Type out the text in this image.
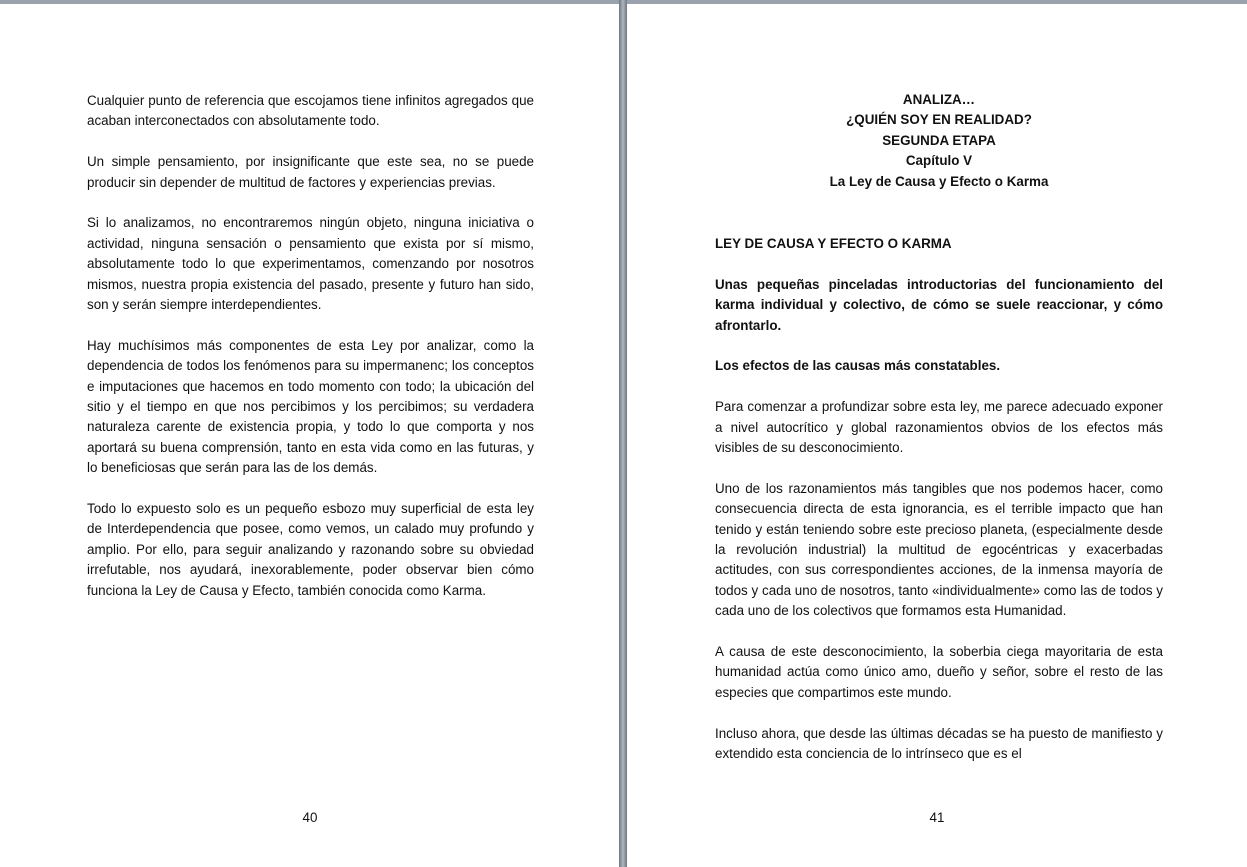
Cualquier punto de referencia que escojamos tiene infinitos agregados que acaban interconectados con absolutamente todo.

Un simple pensamiento, por insignificante que este sea, no se puede producir sin depender de multitud de factores y experiencias previas.

Si lo analizamos, no encontraremos ningún objeto, ninguna iniciativa o actividad, ninguna sensación o pensamiento que exista por sí mismo, absolutamente todo lo que experimentamos, comenzando por nosotros mismos, nuestra propia existencia del pasado, presente y futuro han sido, son y serán siempre interdependientes.

Hay muchísimos más componentes de esta Ley por analizar, como la dependencia de todos los fenómenos para su impermanenc; los conceptos e imputaciones que hacemos en todo momento con todo; la ubicación del sitio y el tiempo en que nos percibimos y los percibimos; su verdadera naturaleza carente de existencia propia, y todo lo que comporta y nos aportará su buena comprensión, tanto en esta vida como en las futuras, y lo beneficiosas que serán para las de los demás.

Todo lo expuesto solo es un pequeño esbozo muy superficial de esta ley de Interdependencia que posee, como vemos, un calado muy profundo y amplio. Por ello, para seguir analizando y razonando sobre su obviedad irrefutable, nos ayudará, inexorablemente, poder observar bien cómo funciona la Ley de Causa y Efecto, también conocida como Karma.

40
ANALIZA…
¿QUIÉN SOY EN REALIDAD?
SEGUNDA ETAPA
Capítulo V
La Ley de Causa y Efecto o Karma

LEY DE CAUSA Y EFECTO O KARMA

Unas pequeñas pinceladas introductorias del funcionamiento del karma individual y colectivo, de cómo se suele reaccionar, y cómo afrontarlo.

Los efectos de las causas más constatables.

Para comenzar a profundizar sobre esta ley, me parece adecuado exponer a nivel autocrítico y global razonamientos obvios de los efectos más visibles de su desconocimiento.

Uno de los razonamientos más tangibles que nos podemos hacer, como consecuencia directa de esta ignorancia, es el terrible impacto que han tenido y están teniendo sobre este precioso planeta, (especialmente desde la revolución industrial) la multitud de egocéntricas y exacerbadas actitudes, con sus correspondientes acciones, de la inmensa mayoría de todos y cada uno de nosotros, tanto «individualmente» como las de todos y cada uno de los colectivos que formamos esta Humanidad.

A causa de este desconocimiento, la soberbia ciega mayoritaria de esta humanidad actúa como único amo, dueño y señor, sobre el resto de las especies que compartimos este mundo.

Incluso ahora, que desde las últimas décadas se ha puesto de manifiesto y extendido esta conciencia de lo intrínseco que es el

41
